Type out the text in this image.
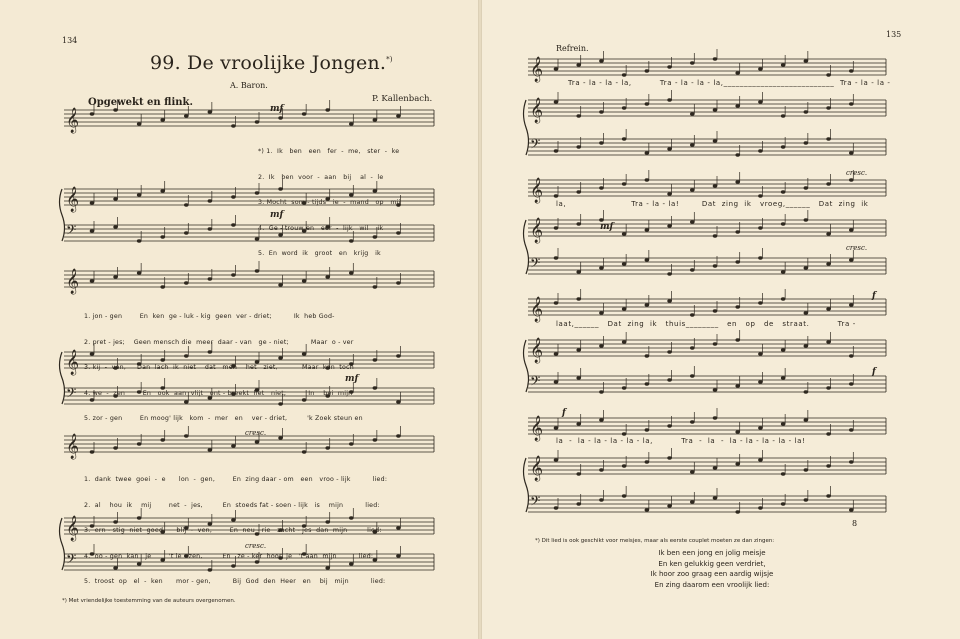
𝄞
𝄞
𝄢
𝄞
𝄞
𝄢
𝄞
𝄞
𝄢
𝄞
𝄞
𝄢
𝄞
𝄞
𝄢
𝄞
𝄞
𝄢
𝄞
𝄞
𝄢
134
99. De vroolijke Jongen.*)
A. Baron.
P. Kallenbach.
Opgewekt en flink.
mf
mf
mf
cresc.
cresc.

*) 1.  Ik   ben   een   fer  -  me,   ster  -  ke

2.  Ik   ben  voor  -  aan   bij    al  -  le

3. Mocht  som - tijds   ie  -  mand   op   mij

4.  Ge - trouw en   eer  -  lijk   wil    ik

5.  En  word  ik   groot   en   krijg   ik

1. jon - gen        En  ken  ge - luk - kig  geen  ver - driet;          Ik  heb God-

2. pret - jes;    Geen mensch die  meer  daar - van   ge - niet;          Maar  o - ver

3. kij  -  ven,     Dan  lach  ik  niet    dat   men    het   ziet,           Maar  kan  toch

4. we  -  zen        En   ook  aan  vlijt   ont - breekt  het   niet;          In    bei  mijn

5. zor - gen        En moog' lijk   kom  -  mer   en    ver - driet,         'k Zoek steun en

1.  dank  twee  goei  -  e      lon  -  gen,        En  zing daar - om   een   vroo - lijk          lied:

2.  al    hou  ik    mij        net  -  jes,         En  stoeds fat - soen - lijk   is    mijn          lied:

3.  ern - stig  niet  goed      blij  -  ven,        En  neu - rie   zacht - jes  dan  mijn         lied:

4.  oo - gen  kan   je        't le - zen,         En   ze - ker  hoor  je   't aan  mijn          lied:

5.  troost  op   el  -  ken      mor - gen,          Bij  God  den  Heer   en    bij   mijn          lied:

*) Met vriendelijke toestemming van de auteurs overgenomen.
135
Refrein.
Tra - la - la - la,          Tra - la - la - la,___________________________  Tra - la - la -
la,                       Tra - la - la!        Dat  zing  ik   vroeg,______   Dat  zing  ik
laat,______   Dat  zing  ik   thuis________   en   op   de   straat.          Tra -
la  -  la - la - la - la - la,          Tra  -  la  -  la - la - la - la - la!
mf
cresc.
cresc.
f
f
f
8
*) Dit lied is ook geschikt voor meisjes, maar als eerste couplet moeten ze dan zingen:
Ik ben een jong en jolig meisje
En ken gelukkig geen verdriet,
Ik hoor zoo graag een aardig wijsje
En zing daarom een vroolijk lied:
